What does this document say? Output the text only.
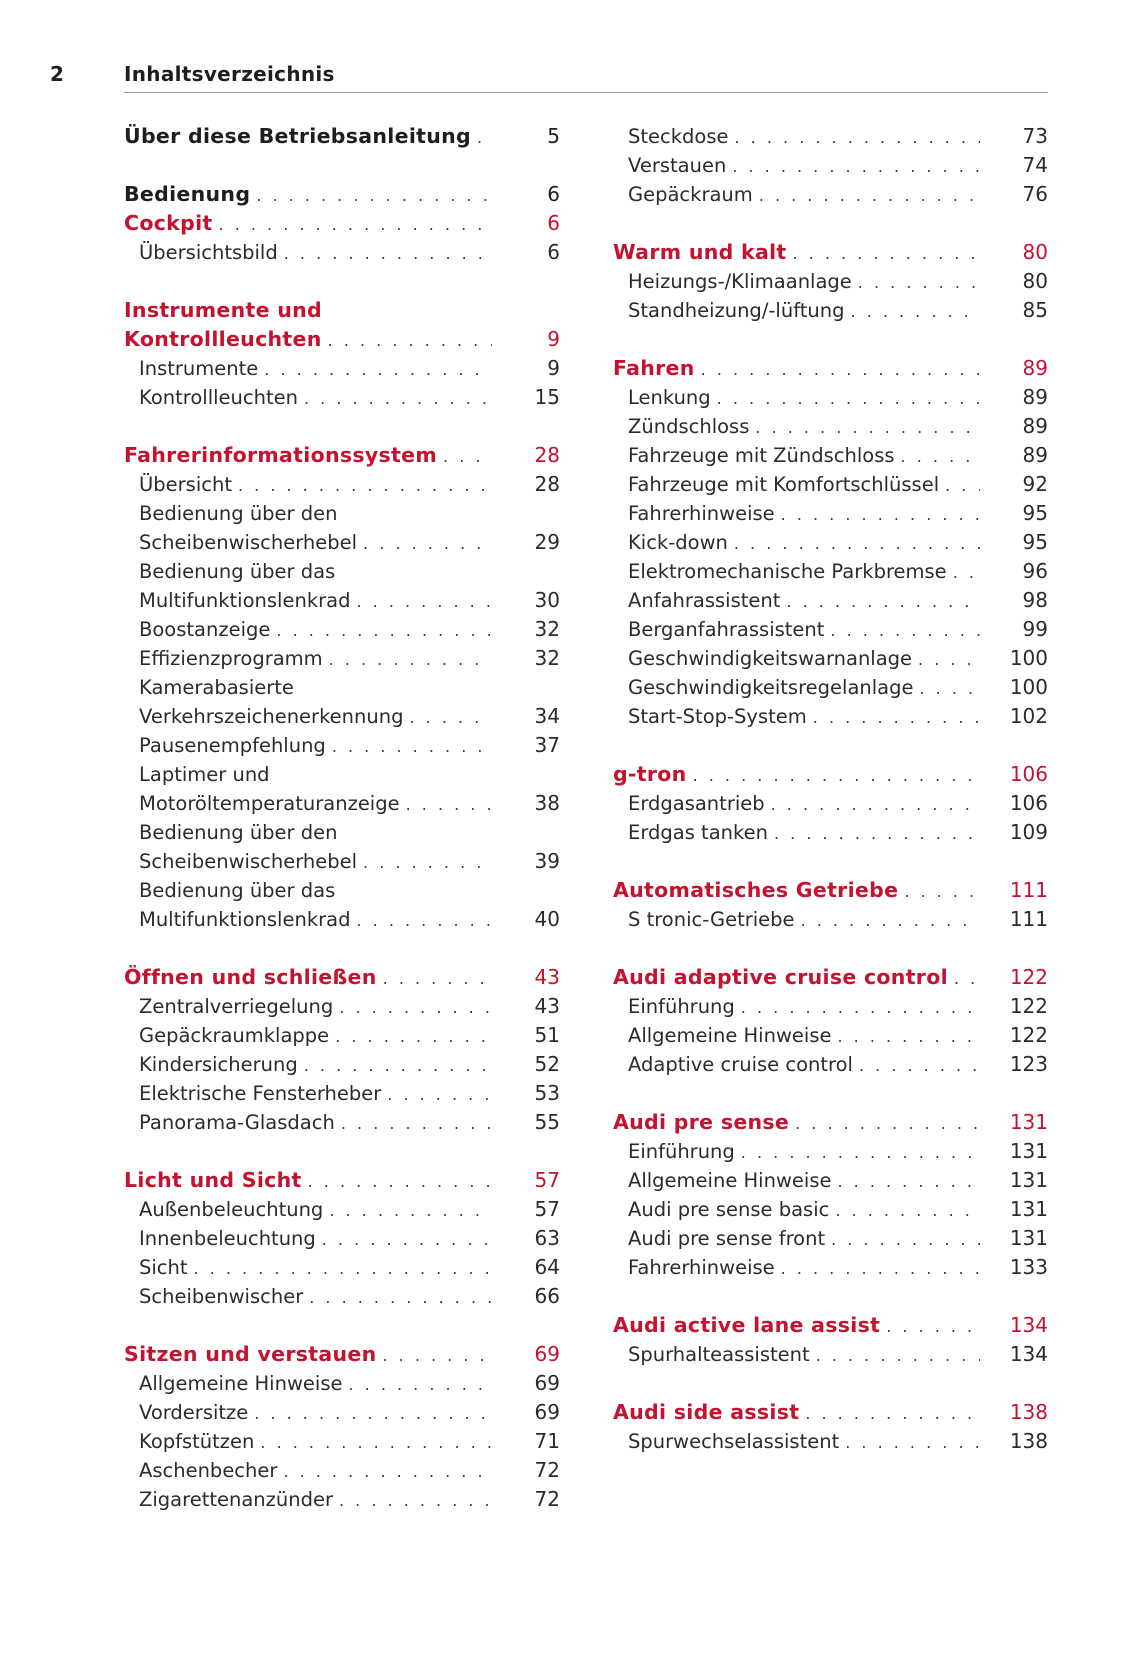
2	Inhaltsverzeichnis
Über diese Betriebsanleitung . . .	5
Bedienung . . .	6
Cockpit . . .	6
Übersichtsbild . . .	6
Instrumente und
Kontrollleuchten . . .	9
Instrumente . . .	9
Kontrollleuchten . . .	15
Fahrerinformationssystem . . .	28
Übersicht . . .	28
Bedienung über den
Scheibenwischerhebel . . .	29
Bedienung über das
Multifunktionslenkrad . . .	30
Boostanzeige . . .	32
Effizienzprogramm . . .	32
Kamerabasierte
Verkehrszeichenerkennung . . .	34
Pausenempfehlung . . .	37
Laptimer und
Motoröltemperaturanzeige . . .	38
Bedienung über den
Scheibenwischerhebel . . .	39
Bedienung über das
Multifunktionslenkrad . . .	40
Öffnen und schließen . . .	43
Zentralverriegelung . . .	43
Gepäckraumklappe . . .	51
Kindersicherung . . .	52
Elektrische Fensterheber . . .	53
Panorama-Glasdach . . .	55
Licht und Sicht . . .	57
Außenbeleuchtung . . .	57
Innenbeleuchtung . . .	63
Sicht . . .	64
Scheibenwischer . . .	66
Sitzen und verstauen . . .	69
Allgemeine Hinweise . . .	69
Vordersitze . . .	69
Kopfstützen . . .	71
Aschenbecher . . .	72
Zigarettenanzünder . . .	72
Steckdose . . .	73
Verstauen . . .	74
Gepäckraum . . .	76
Warm und kalt . . .	80
Heizungs-/Klimaanlage . . .	80
Standheizung/-lüftung . . .	85
Fahren . . .	89
Lenkung . . .	89
Zündschloss . . .	89
Fahrzeuge mit Zündschloss . . .	89
Fahrzeuge mit Komfortschlüssel . . .	92
Fahrerhinweise . . .	95
Kick-down . . .	95
Elektromechanische Parkbremse . . .	96
Anfahrassistent . . .	98
Berganfahrassistent . . .	99
Geschwindigkeitswarnanlage . . .	100
Geschwindigkeitsregelanlage . . .	100
Start-Stop-System . . .	102
g-tron . . .	106
Erdgasantrieb . . .	106
Erdgas tanken . . .	109
Automatisches Getriebe . . .	111
S tronic-Getriebe . . .	111
Audi adaptive cruise control . . .	122
Einführung . . .	122
Allgemeine Hinweise . . .	122
Adaptive cruise control . . .	123
Audi pre sense . . .	131
Einführung . . .	131
Allgemeine Hinweise . . .	131
Audi pre sense basic . . .	131
Audi pre sense front . . .	131
Fahrerhinweise . . .	133
Audi active lane assist . . .	134
Spurhalteassistent . . .	134
Audi side assist . . .	138
Spurwechselassistent . . .	138
